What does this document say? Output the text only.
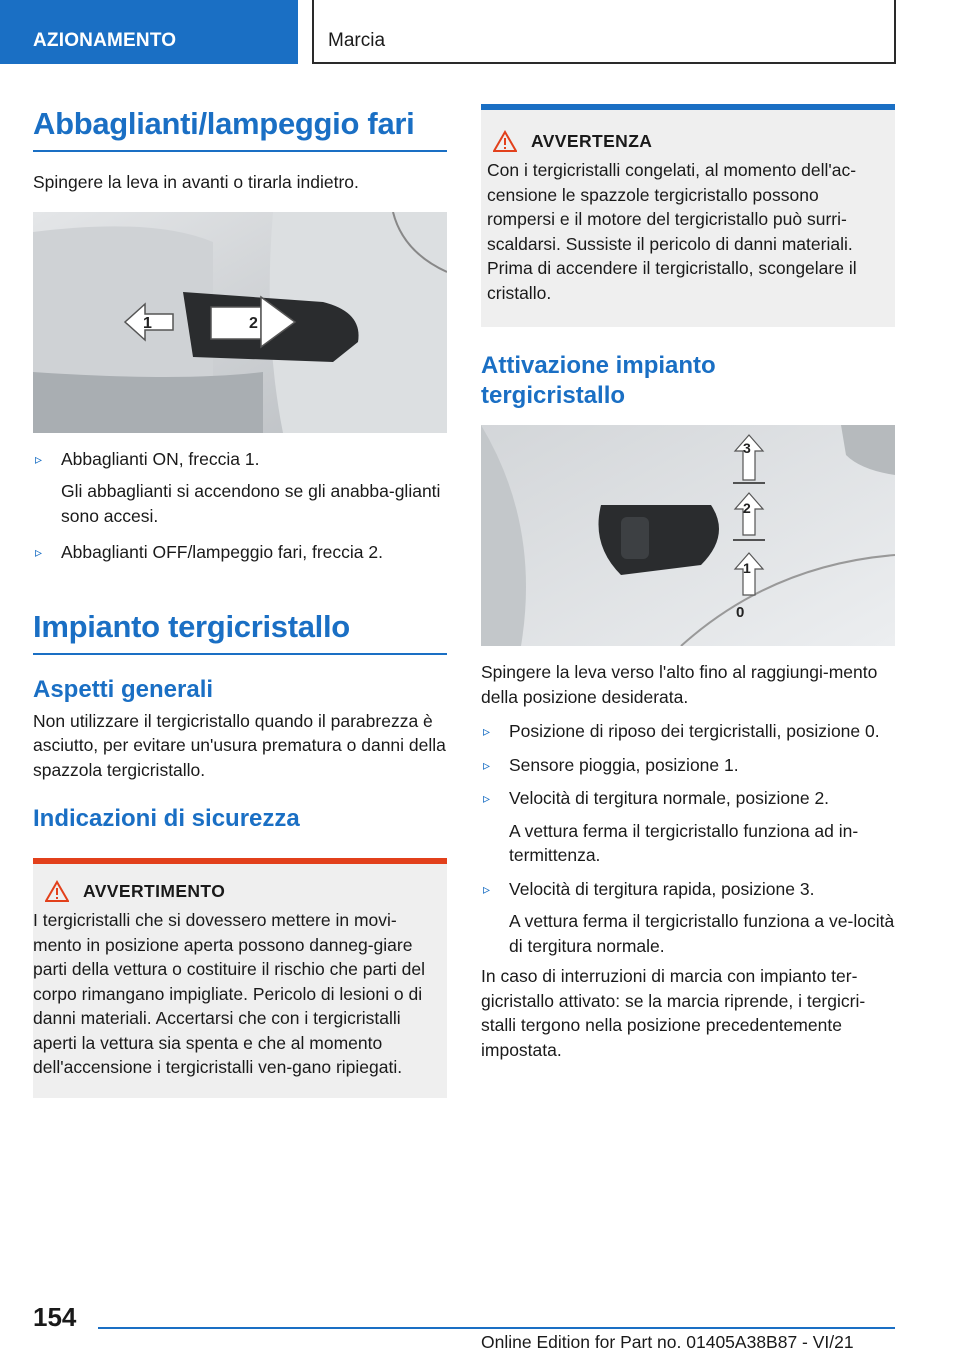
AZIONAMENTO	Marcia
Abbaglianti/lampeggio fari

Spingere la leva in avanti o tirarla indietro.

1	2
▹ Abbaglianti ON, freccia 1.
Gli abbaglianti si accendono se gli anabba-glianti sono accesi.
▹ Abbaglianti OFF/lampeggio fari, freccia 2.
Impianto tergicristallo
Aspetti generali

Non utilizzare il tergicristallo quando il parabrezza è asciutto, per evitare un'usura prematura o danni della spazzola tergicristallo.

Indicazioni di sicurezza
AVVERTIMENTO

I tergicristalli che si dovessero mettere in movi-mento in posizione aperta possono danneg-giare parti della vettura o costituire il rischio che parti del corpo rimangano impigliate. Pericolo di lesioni o di danni materiali. Accertarsi che con i tergicristalli aperti la vettura sia spenta e che al momento dell'accensione i tergicristalli ven-gano ripiegati.

AVVERTENZA

Con i tergicristalli congelati, al momento dell'ac-censione le spazzole tergicristallo possono rompersi e il motore del tergicristallo può surri-scaldarsi. Sussiste il pericolo di danni materiali. Prima di accendere il tergicristallo, scongelare il cristallo.

Attivazione impianto tergicristallo
3
2
1
0

Spingere la leva verso l'alto fino al raggiungi-mento della posizione desiderata.

▹ Posizione di riposo dei tergicristalli, posizione 0.
▹ Sensore pioggia, posizione 1.
▹ Velocità di tergitura normale, posizione 2.
A vettura ferma il tergicristallo funziona ad in-termittenza.
▹ Velocità di tergitura rapida, posizione 3.
A vettura ferma il tergicristallo funziona a ve-locità di tergitura normale.

In caso di interruzioni di marcia con impianto ter-gicristallo attivato: se la marcia riprende, i tergicri-stalli tergono nella posizione precedentemente impostata.

154
Online Edition for Part no. 01405A38B87 - VI/21
